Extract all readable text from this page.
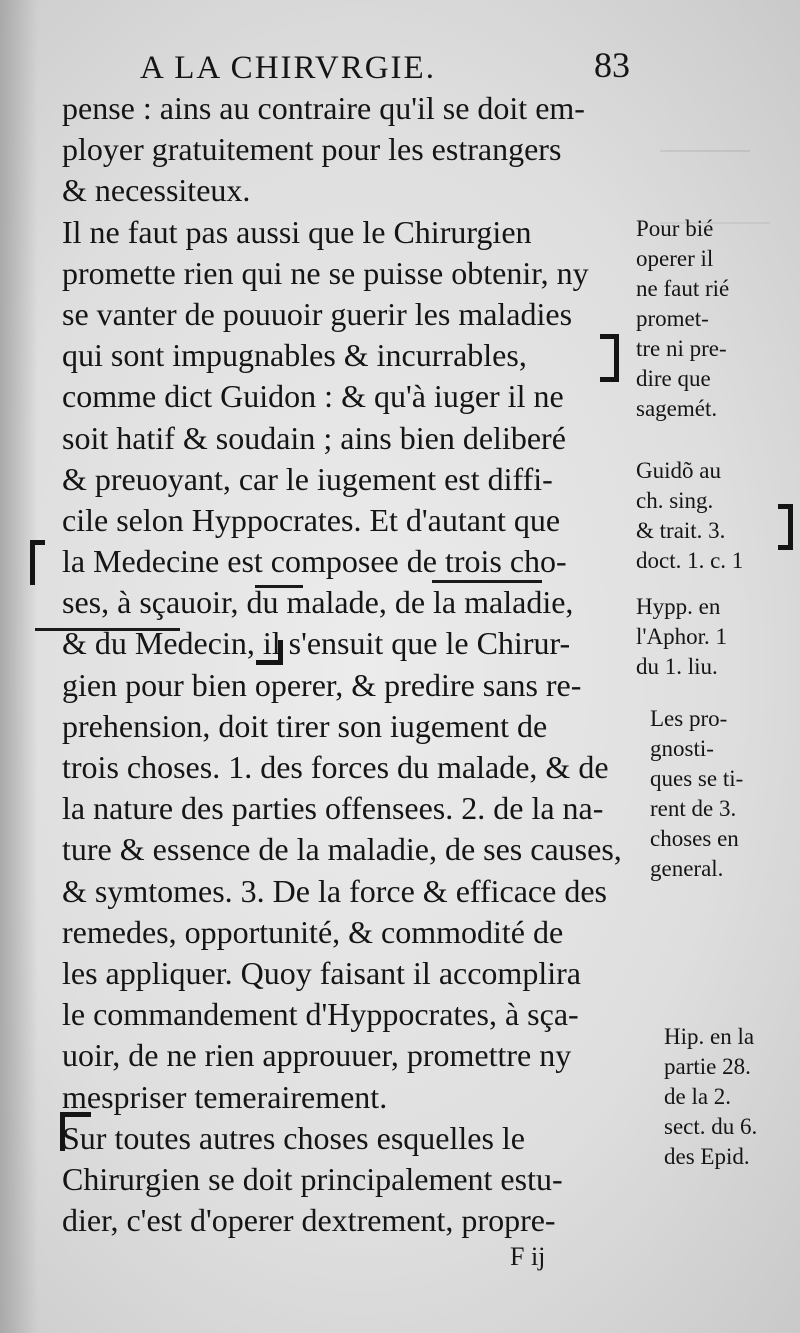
A LA CHIRVRGIE.	83
pense : ains au contraire qu'il se doit em-
ployer gratuitement pour les estrangers
& necessiteux.
Il ne faut pas aussi que le Chirurgien
promette rien qui ne se puisse obtenir, ny
se vanter de pouuoir guerir les maladies
qui sont impugnables & incurrables,
comme dict Guidon : & qu'à iuger il ne
soit hatif & soudain ; ains bien deliberé
& preuoyant, car le iugement est diffi-
cile selon Hyppocrates. Et d'autant que
la Medecine est composee de trois cho-
ses, à sçauoir, du malade, de la maladie,
& du Medecin, il s'ensuit que le Chirur-
gien pour bien operer, & predire sans re-
prehension, doit tirer son iugement de
trois choses. 1. des forces du malade, & de
la nature des parties offensees. 2. de la na-
ture & essence de la maladie, de ses causes,
& symtomes. 3. De la force & efficace des
remedes, opportunité, & commodité de
les appliquer. Quoy faisant il accomplira
le commandement d'Hyppocrates, à sça-
uoir, de ne rien approuuer, promettre ny
mespriser temerairement.
Sur toutes autres choses esquelles le
Chirurgien se doit principalement estu-
dier, c'est d'operer dextrement, propre-
Pour bié
operer il
ne faut rié
promet-
tre ni pre-
dire que
sagemét.
Guidõ au
ch. sing.
& trait. 3.
doct. 1. c. 1
Hypp. en
l'Aphor. 1
du 1. liu.
Les pro-
gnosti-
ques se ti-
rent de 3.
choses en
general.
Hip. en la
partie 28.
de la 2.
sect. du 6.
des Epid.
F ij
